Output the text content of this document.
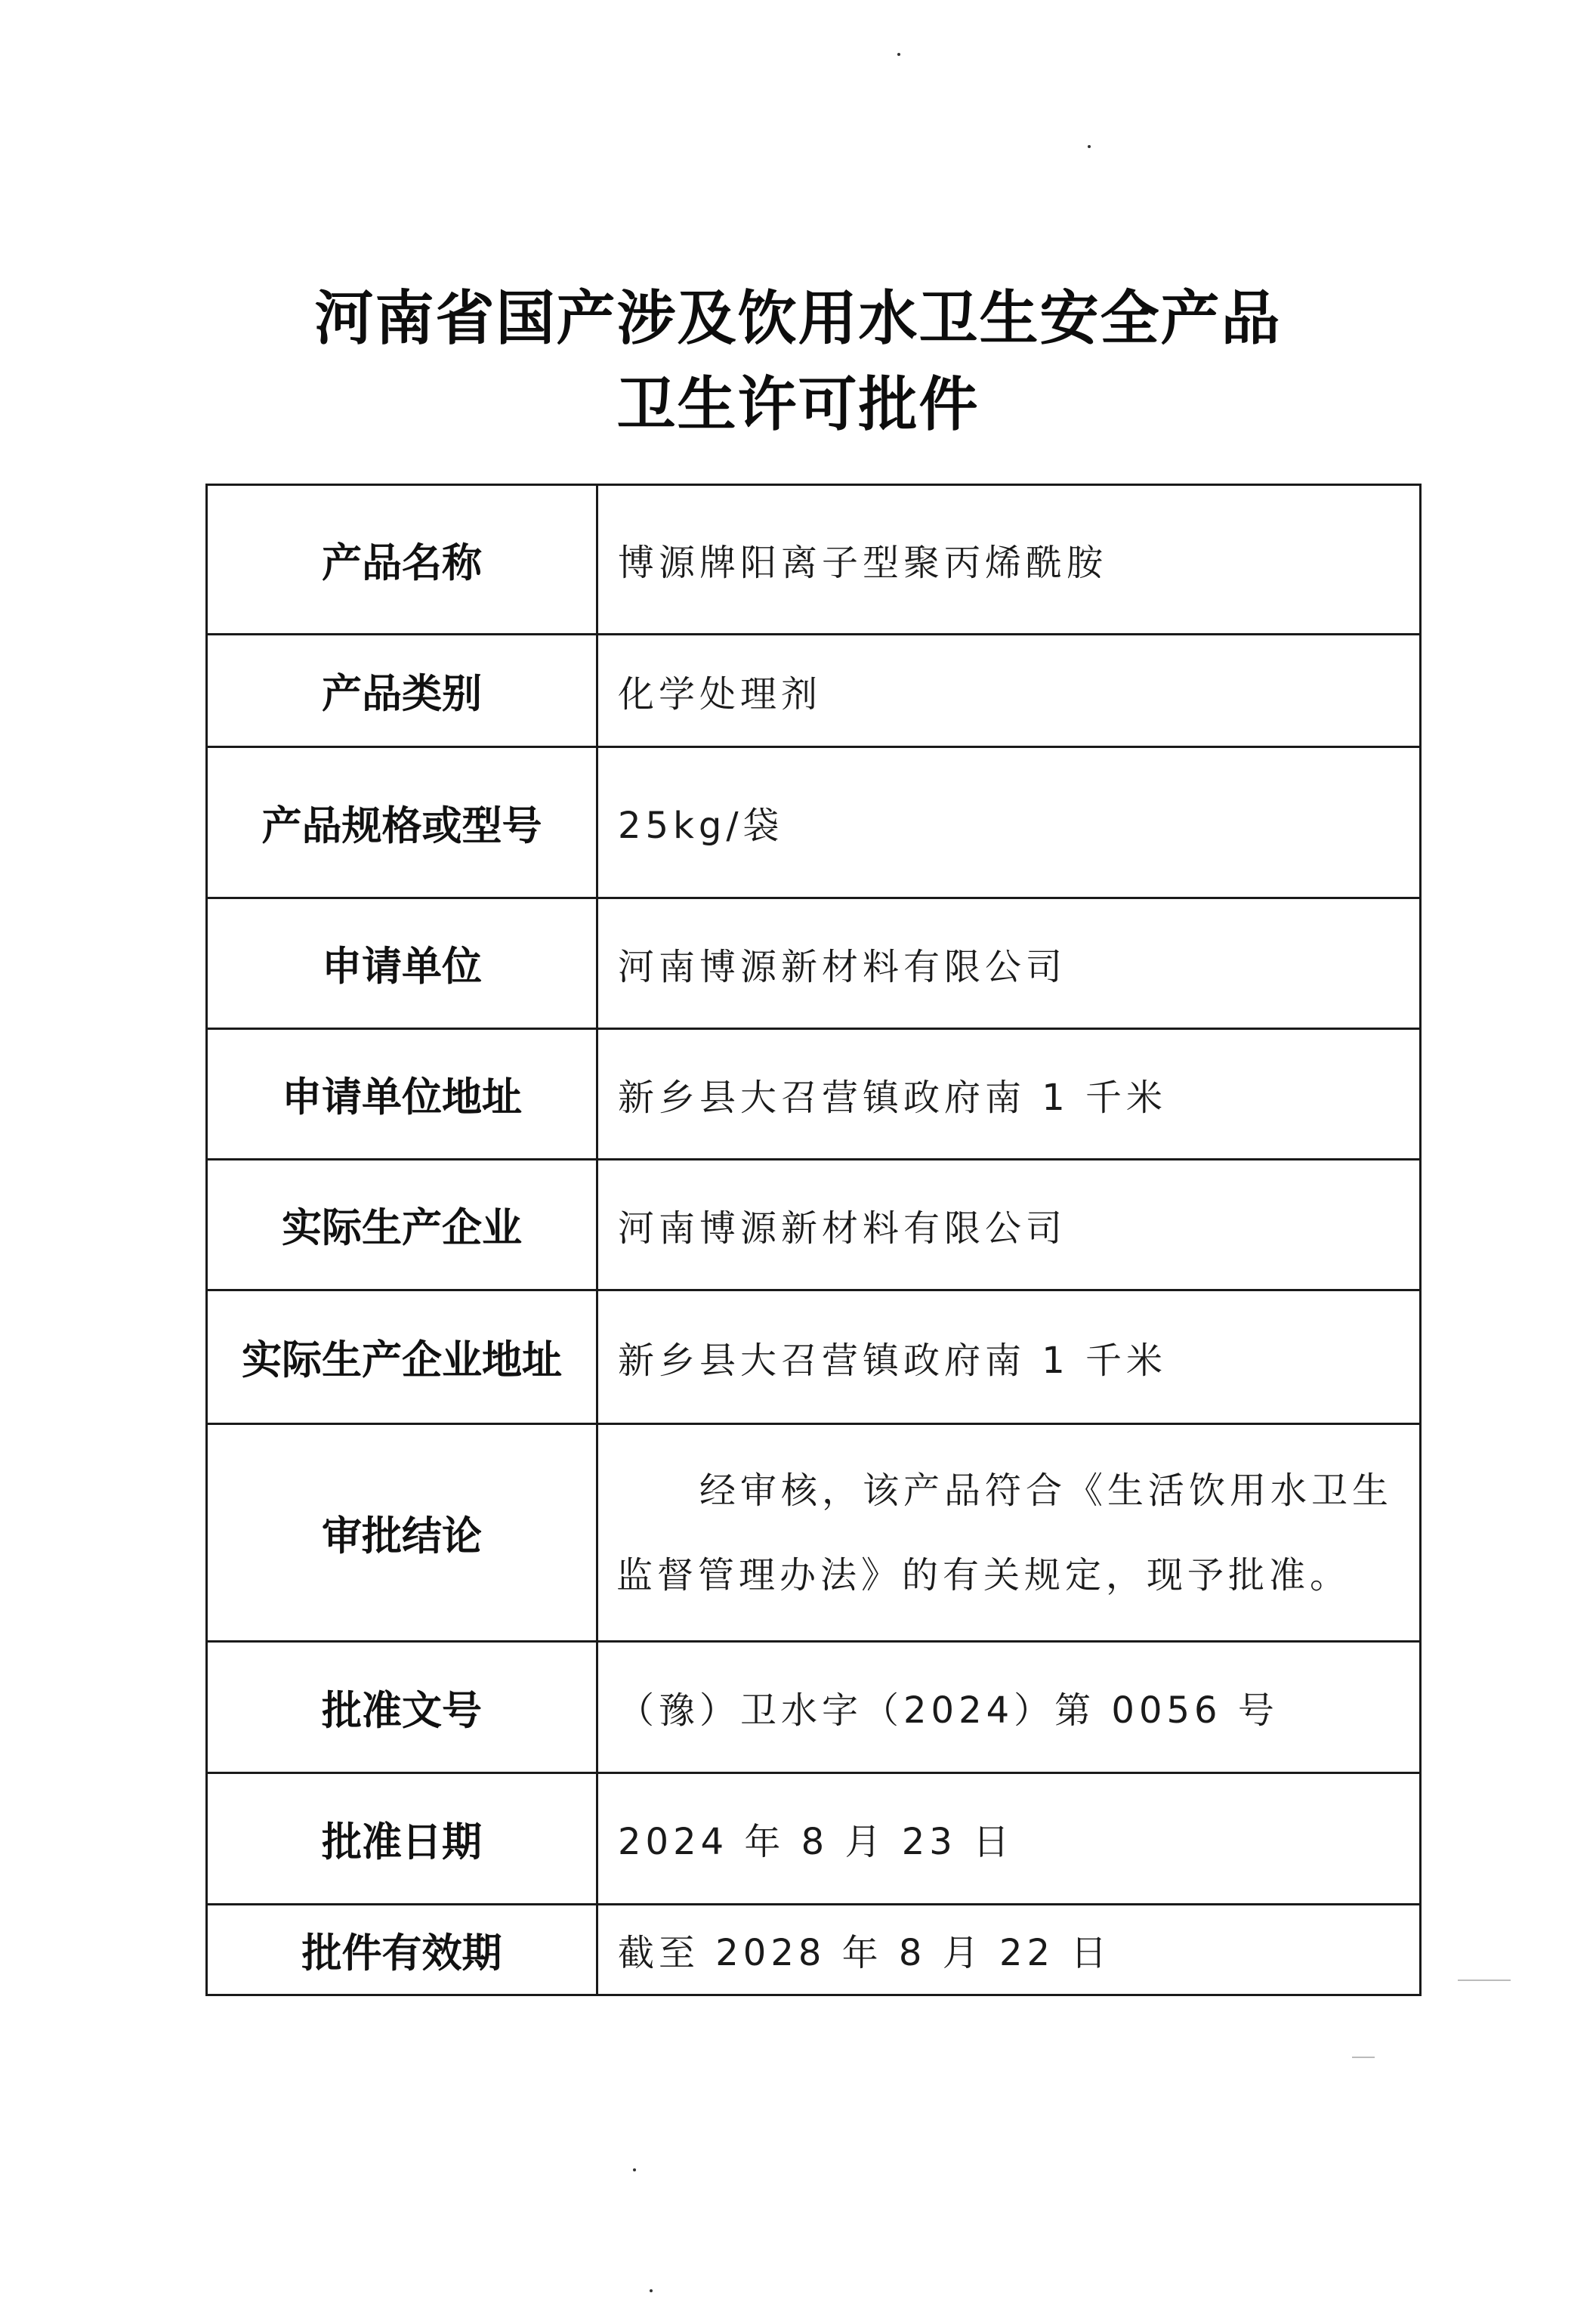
河南省国产涉及饮用水卫生安全产品
卫生许可批件
产品名称	博源牌阳离子型聚丙烯酰胺
产品类别	化学处理剂
产品规格或型号	25kg/袋
申请单位	河南博源新材料有限公司
申请单位地址	新乡县大召营镇政府南 1 千米
实际生产企业	河南博源新材料有限公司
实际生产企业地址	新乡县大召营镇政府南 1 千米
审批结论	经审核，该产品符合《生活饮用水卫生监督管理办法》的有关规定，现予批准。
批准文号	（豫）卫水字（2024）第 0056 号
批准日期	2024 年 8 月 23 日
批件有效期	截至 2028 年 8 月 22 日
